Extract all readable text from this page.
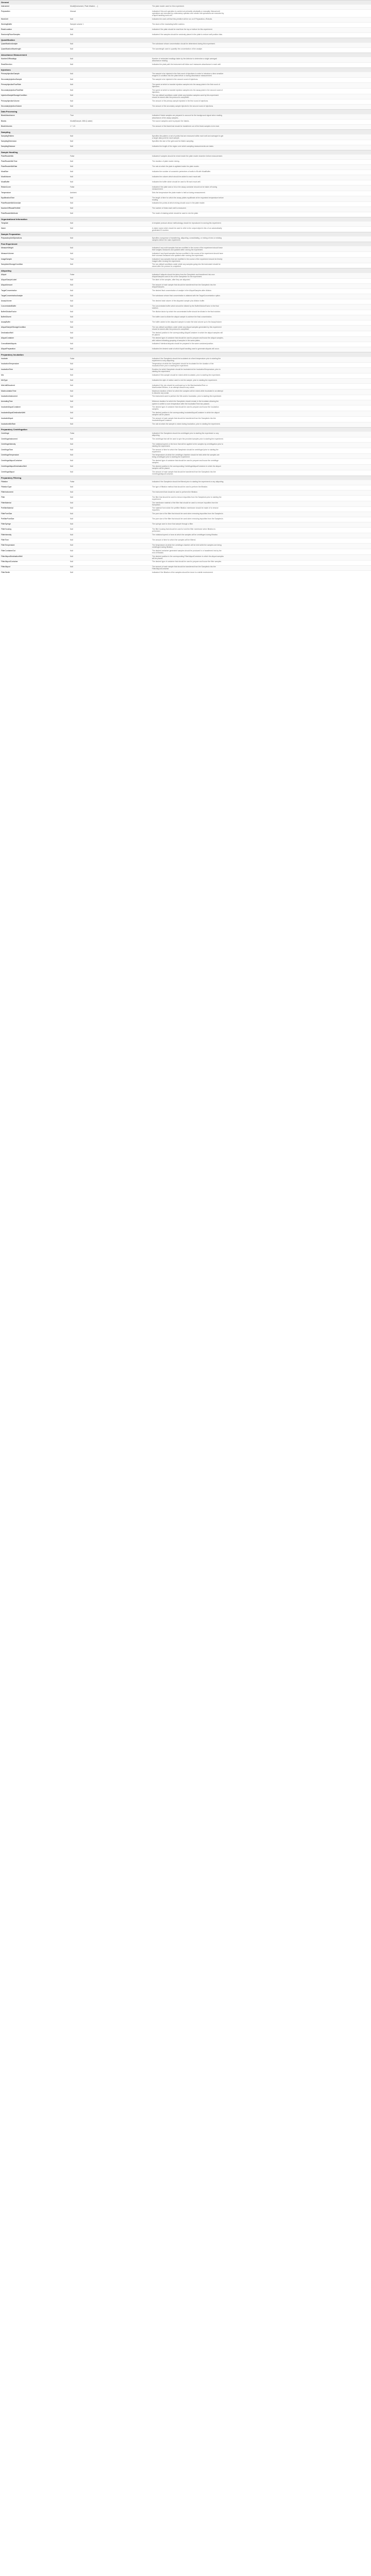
General
Instrument	Model[Instrument, Plate Washer, ...]	The plate reader used for this experiment.
Preparation	Manual	Indicates if this unit operation is carried out primarily robotically or manually. Manual unit operations are executed by a laboratory operator and robotic unit operations are executed by a liquid handling work cell.
WorkCell	Null	Indicates the work cell that this primitive will be run on if Preparation->Robotic.
WorkingBuffer	Sample volume 1	The stock of the incubating buffer solution.
ReadLocation	Null	Indicates if the plate should be read from the top or bottom for this experiment.
RandomlyPlaceSamples	Null	Indicates if the samples should be randomly placed in the plate to reduce well position bias.
Quantification
QuantificationAnalyte	Null	The substance whose concentration should be determined during this experiment.
QuantificationWavelength	Null	The wavelength used to quantify the concentration of the analyte.
Absorbance Measurement
NumberOfReadings	Null	Number of redundant readings taken by the detector to determine a single averaged absorbance reading.
ReadDirection	Null	Indicates the plate path the instrument will follow as it measures absorbance in each well.
Injections
PrimaryInjectionSample	Null	The sample to be injected in the first round of injections in order to introduce a time sensitive reagent or condition into the plate before or during absorbance measurement.
SecondaryInjectionSample	Null	The sample to be injected in the second round of injections.
PrimaryInjectionFlowRate	Null	The speed at which to transfer injection samples into the assay plate in the first round of injections.
SecondaryInjectionFlowRate	Null	The speed at which to transfer injection samples into the assay plate in the second round of injections.
InjectionSampleStorageCondition	Null	The non-default conditions under which any injection samples used by this experiment should be stored after the protocol is completed.
PrimaryInjectionVolume	Null	The amount of the primary sample injected in the first round of injections.
SecondaryInjectionVolume	Null	The amount of the secondary sample injected in the second round of injections.
Data Processing
BlankAbsorbance	True	Indicates if blank samples are prepared to account for the background signal when reading absorbance of the assay samples.
Blanks	Model[Sample, Milli-Q water]	The source samples used to prepare the blanks.
BlankVolumes	1 * 1.5	The amount of the blank that should be transferred out of the blank samples to be read.
Sampling
SamplingPattern	Null	Specifies the pattern or set of points that are measured within each well and averaged to get a single data point for each sample.
SamplingDimension	Null	Specifies the size of the grid used for Matrix sampling.
SamplingDistance	Null	Indicates the length of the region over which sampling measurements are taken.
Sample Handling
PlateReaderMix	False	Indicates if samples should be mixed inside the plate reader chamber before measurement.
PlateReaderMixTime	Null	The duration of plate reader mixing.
PlateReaderMixRate	Null	The rate at which the plate is agitated inside the plate reader.
MoatSize	Null	Indicates the number of concentric perimeters of wells to fill with MoatBuffer.
MoatVolume	Null	Indicates the volume which should be added to each moat well.
MoatBuffer	Null	Indicates the buffer which should be used to fill each moat well.
RetainCover	False	Indicates if the plate seal or lid on the assay container should not be taken off during measurement.
Temperature	Ambient	Sets the temperature the plate reader is held at during measurement.
EquilibrationTime	Null	The length of time for which the assay plates equilibrate at the requested temperature before reading.
PlateReaderMixSchedule	Null	Indicates the points at which mixing should occur in the plate reader.
NumberOfReadsPerWell	Null	The number of times each well is measured.
PlateReaderMixMode	Null	The mode of shaking which should be used to mix the plate.
Organizational Information
Template	Null	A template protocol whose methodology should be reproduced in running this experiment.
Name	Null	A object name which should be used to refer to the output object in lieu of an automatically generated ID number.
Sample Preparation
PreparatoryUnitOperations	Null	Specifies a sequence of transferring, aliquoting, consolidating, or mixing of new or existing samples before the main experiment.
Post Experiment
MeasureWeight	Null	Indicates if any solid samples that are modified in the course of the experiment should have their weights measured and updated after running the experiment.
MeasureVolume	Null	Indicates if any liquid samples that are modified in the course of the experiment should have their volumes measured and updated after running the experiment.
ImageSample	True	Indicates if any samples that are modified in the course of the experiment should be freshly imaged after running the experiment.
SamplesInStorageCondition	Null	The non-default conditions under which any samples going into the instrument should be stored after the protocol is completed.
Aliquoting
Aliquot	False	Indicates if aliquots should be taken from the SamplesIn and transferred into new AliquotSamples used in lieu of the SamplesIn for the experiment.
AliquotSampleLabel	Null	The label of the samples, after they are aliquoted.
AliquotAmount	Null	The amount of each sample that should be transferred from the SamplesIn into the AliquotSamples.
TargetConcentration	Null	The desired final concentration of analyte in the AliquotSamples after dilution.
TargetConcentrationAnalyte	Null	The substance whose final concentration is attained with the TargetConcentration option.
AssayVolume	Null	The desired total volume of the aliquoted sample plus dilution buffer.
ConcentratedBuffer	Null	The concentrated buffer which should be diluted by the BufferDilutionFactor in the final solution.
BufferDilutionFactor	Null	The dilution factor by which the concentrated buffer should be diluted in the final solution.
BufferDiluent	Null	The buffer used to dilute the aliquot sample to achieve the final concentration.
AssayBuffer	Null	The buffer added to the aliquoted sample to make the total volume up to the AssayVolume.
AliquotSampleStorageCondition	Null	The non-default conditions under which any aliquot samples generated by this experiment should be stored after the protocol is completed.
DestinationWell	Null	The desired position in the corresponding AliquotContainer in which the aliquot samples will be placed.
AliquotContainer	Null	The desired type of container that should be used to prepare and house the aliquot samples, with indices indicating grouping of samples in the same plates.
ConsolidateAliquots	Null	Indicates if identical aliquots should be prepared in the same container/position.
AliquotPreparation	Null	Indicates the desired scale at which liquid handling used to generate aliquots will occur.
Preparatory Incubation
Incubate	False	Indicates if the SamplesIn should be incubated at a fixed temperature prior to starting the experiment or any aliquoting.
IncubationTemperature	Null	Temperature at which the SamplesIn should be incubated for the duration of the IncubationTime prior to starting the experiment.
IncubationTime	Null	Duration for which SamplesIn should be incubated at the IncubationTemperature, prior to starting the experiment.
Mix	Null	Indicates if this sample should be mixed while incubated, prior to starting the experiment.
MixType	Null	Indicates the style of motion used to mix the sample, prior to starting the experiment.
MixUntilDissolved	Null	Indicates if the mix should be continued up to the MaxIncubationTime or MaxNumberOfMixes, in an attempt dissolve any solute.
MaxIncubationTime	Null	Maximum duration of time for which the samples will be mixed while incubated in an attempt to dissolve any solute.
IncubationInstrument	Null	The instrument used to perform the Mix and/or Incubation, prior to starting the experiment.
AnnealingTime	Null	Minimum duration for which the SamplesIn should remain in the incubator allowing the system to settle to room temperature after the IncubationTime has passed.
IncubateAliquotContainer	Null	The desired type of container that should be used to prepare and house the incubation samples.
IncubateAliquotDestinationWell	Null	The desired position in the corresponding IncubateAliquotContainer in which the aliquot samples will be placed.
IncubateAliquot	Null	The amount of each sample that should be transferred from the SamplesIn into the IncubateAliquotContainer.
IncubationMixRate	Null	The rate at which the sample is mixed during incubation, prior to starting the experiment.
Preparatory Centrifugation
Centrifuge	False	Indicates if the SamplesIn should be centrifuged prior to starting the experiment or any aliquoting.
CentrifugeInstrument	Null	The centrifuge that will be used to spin the provided samples prior to starting the experiment.
CentrifugeIntensity	Null	The rotational speed or the force that will be applied to the samples by centrifugation prior to starting the experiment.
CentrifugeTime	Null	The amount of time for which the SamplesIn should be centrifuged prior to starting the experiment.
CentrifugeTemperature	Null	The temperature at which the centrifuge chamber should be held while the samples are being centrifuged prior to starting the experiment.
CentrifugeAliquotContainer	Null	The desired type of container that should be used to prepare and house the centrifuge samples.
CentrifugeAliquotDestinationWell	Null	The desired position in the corresponding CentrifugeAliquotContainer in which the aliquot samples will be placed.
CentrifugeAliquot	Null	The amount of each sample that should be transferred from the SamplesIn into the CentrifugeAliquotContainer.
Preparatory Filtering
Filtration	False	Indicates if the SamplesIn should be filtered prior to starting the experiment or any aliquoting.
FiltrationType	Null	The type of filtration method that should be used to perform the filtration.
FilterInstrument	Null	The instrument that should be used to perform the filtration.
Filter	Null	The filter that should be used to remove impurities from the SamplesIn prior to starting the experiment.
FilterMaterial	Null	The membrane material of the filter that should be used to remove impurities from the SamplesIn.
PrefilterMaterial	Null	The material from which the prefilter filtration membrane should be made of to remove impurities.
FilterPoreSize	Null	The pore size of the filter that should be used when removing impurities from the SamplesIn.
PrefilterPoreSize	Null	The pore size of the filter that should be used when removing impurities from the SamplesIn.
FilterSyringe	Null	The syringe used to force that sample through a filter.
FilterHousing	Null	The filter housing that should be used to hold the filter membrane when filtration is performed.
FilterIntensity	Null	The rotational speed or force at which the samples will be centrifuged during filtration.
FilterTime	Null	The amount of time for which the samples will be filtered.
FilterTemperature	Null	The temperature at which the centrifuge chamber will be held while the samples are being centrifuged during filtration.
FilterContainerOut	Null	The desired container generated samples should be produced in or transferred into by the end of filtration.
FilterAliquotDestinationWell	Null	The desired position in the corresponding FilterAliquotContainer in which the aliquot samples will be placed.
FilterAliquotContainer	Null	The desired type of container that should be used to prepare and house the filter samples.
FilterAliquot	Null	The amount of each sample that should be transferred from the SamplesIn into the FilterAliquotContainer.
FilterSterile	Null	Indicates if the filtration of the samples should be done in a sterile environment.
